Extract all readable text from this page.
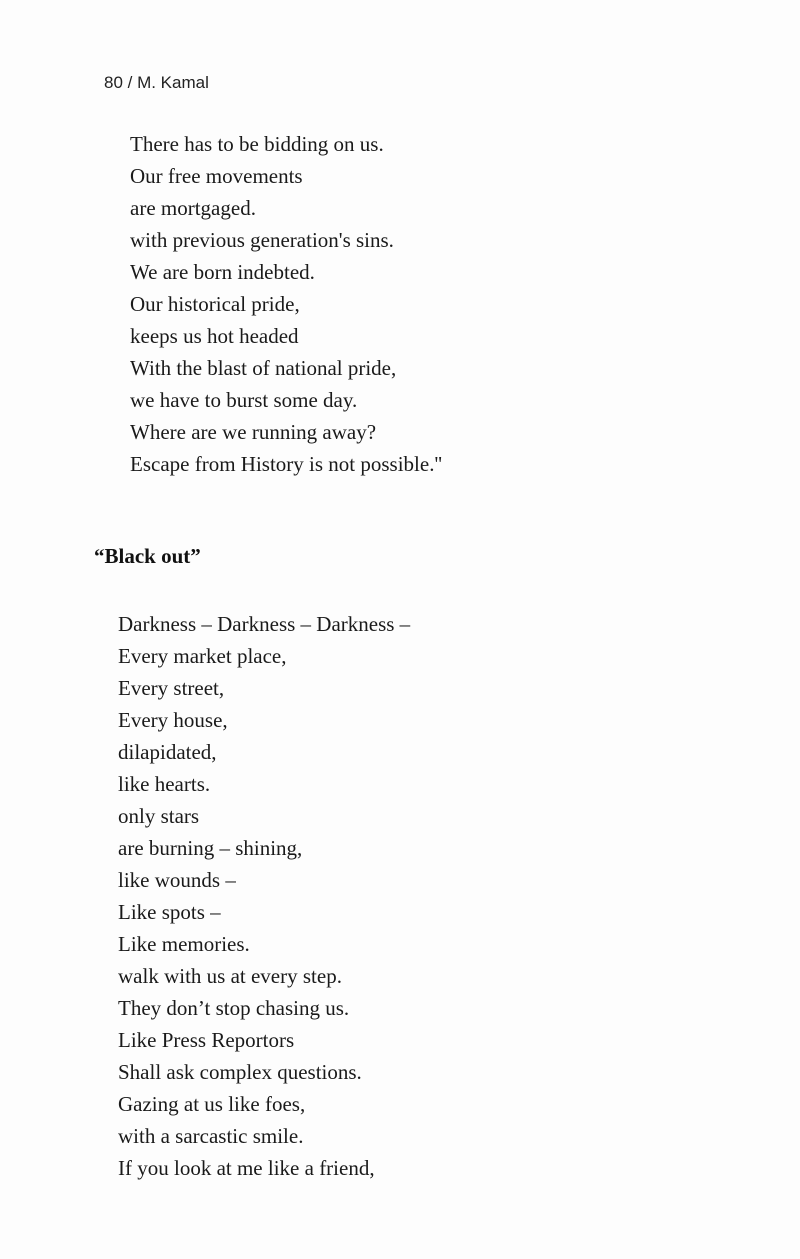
80 / M. Kamal
There has to be bidding on us.
Our free movements
are mortgaged.
with previous generation's sins.
We are born indebted.
Our historical pride,
keeps us hot headed
With the blast of national pride,
we have to burst some day.
Where are we running away?
Escape from History is not possible.''
“Black out”
Darkness – Darkness – Darkness –
Every market place,
Every street,
Every house,
dilapidated,
like hearts.
only stars
are burning – shining,
like wounds –
Like spots –
Like memories.
walk with us at every step.
They don’t stop chasing us.
Like Press Reportors
Shall ask complex questions.
Gazing at us like foes,
with a sarcastic smile.
If you look at me like a friend,
